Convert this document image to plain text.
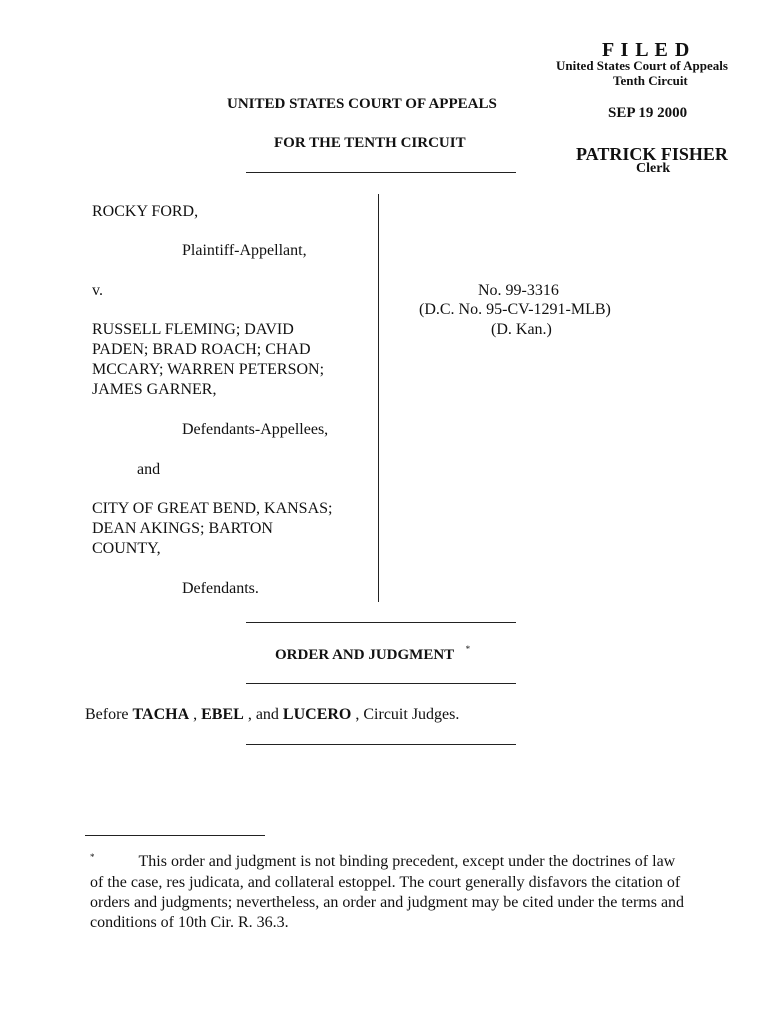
F I L E D
United States Court of Appeals
Tenth Circuit
SEP 19 2000
PATRICK FISHER
Clerk
UNITED STATES COURT OF APPEALS
FOR THE TENTH CIRCUIT
ROCKY FORD,
Plaintiff-Appellant,
v.
RUSSELL FLEMING; DAVID
PADEN; BRAD ROACH; CHAD
MCCARY; WARREN PETERSON;
JAMES GARNER,
Defendants-Appellees,
and
CITY OF GREAT BEND, KANSAS;
DEAN AKINGS; BARTON
COUNTY,
Defendants.
No. 99-3316
(D.C. No. 95-CV-1291-MLB)
(D. Kan.)
ORDER AND JUDGMENT *
Before TACHA , EBEL , and LUCERO , Circuit Judges.
*	This order and judgment is not binding precedent, except under the doctrines of law of the case, res judicata, and collateral estoppel. The court generally disfavors the citation of orders and judgments; nevertheless, an order and judgment may be cited under the terms and conditions of 10th Cir. R. 36.3.
